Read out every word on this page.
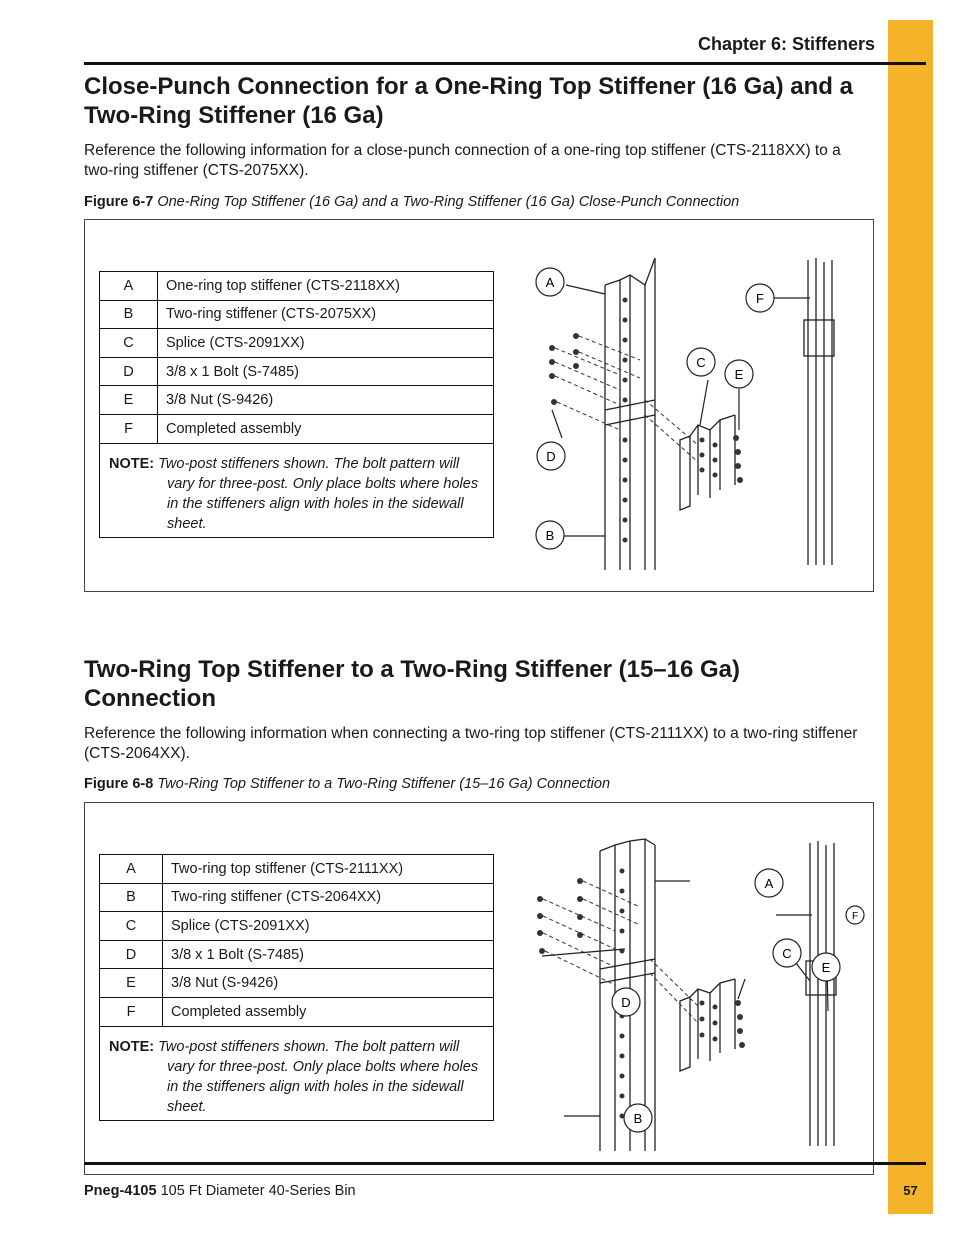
Chapter 6: Stiffeners
Close-Punch Connection for a One-Ring Top Stiffener (16 Ga) and a Two-Ring Stiffener (16 Ga)

Reference the following information for a close-punch connection of a one-ring top stiffener (CTS-2118XX) to a two-ring stiffener (CTS-2075XX).

Figure 6-7 One-Ring Top Stiffener (16 Ga) and a Two-Ring Stiffener (16 Ga) Close-Punch Connection

A	One-ring top stiffener (CTS-2118XX)
B	Two-ring stiffener (CTS-2075XX)
C	Splice (CTS-2091XX)
D	3/8 x 1 Bolt (S-7485)
E	3/8 Nut (S-9426)
F	Completed assembly
NOTE: Two-post stiffeners shown. The bolt pattern will
vary for three-post. Only place bolts where holes in the stiffeners align with holes in the sidewall sheet.	
A
F
C
E
D
B
Two-Ring Top Stiffener to a Two-Ring Stiffener (15–16 Ga) Connection

Reference the following information when connecting a two-ring top stiffener (CTS-2111XX) to a two-ring stiffener (CTS-2064XX).

Figure 6-8 Two-Ring Top Stiffener to a Two-Ring Stiffener (15–16 Ga) Connection

A	Two-ring top stiffener (CTS-2111XX)
B	Two-ring stiffener (CTS-2064XX)
C	Splice (CTS-2091XX)
D	3/8 x 1 Bolt (S-7485)
E	3/8 Nut (S-9426)
F	Completed assembly
NOTE: Two-post stiffeners shown. The bolt pattern will
vary for three-post. Only place bolts where holes in the stiffeners align with holes in the sidewall sheet.	
A
C
E
F
D
B
Pneg-4105 105 Ft Diameter 40-Series Bin	57
